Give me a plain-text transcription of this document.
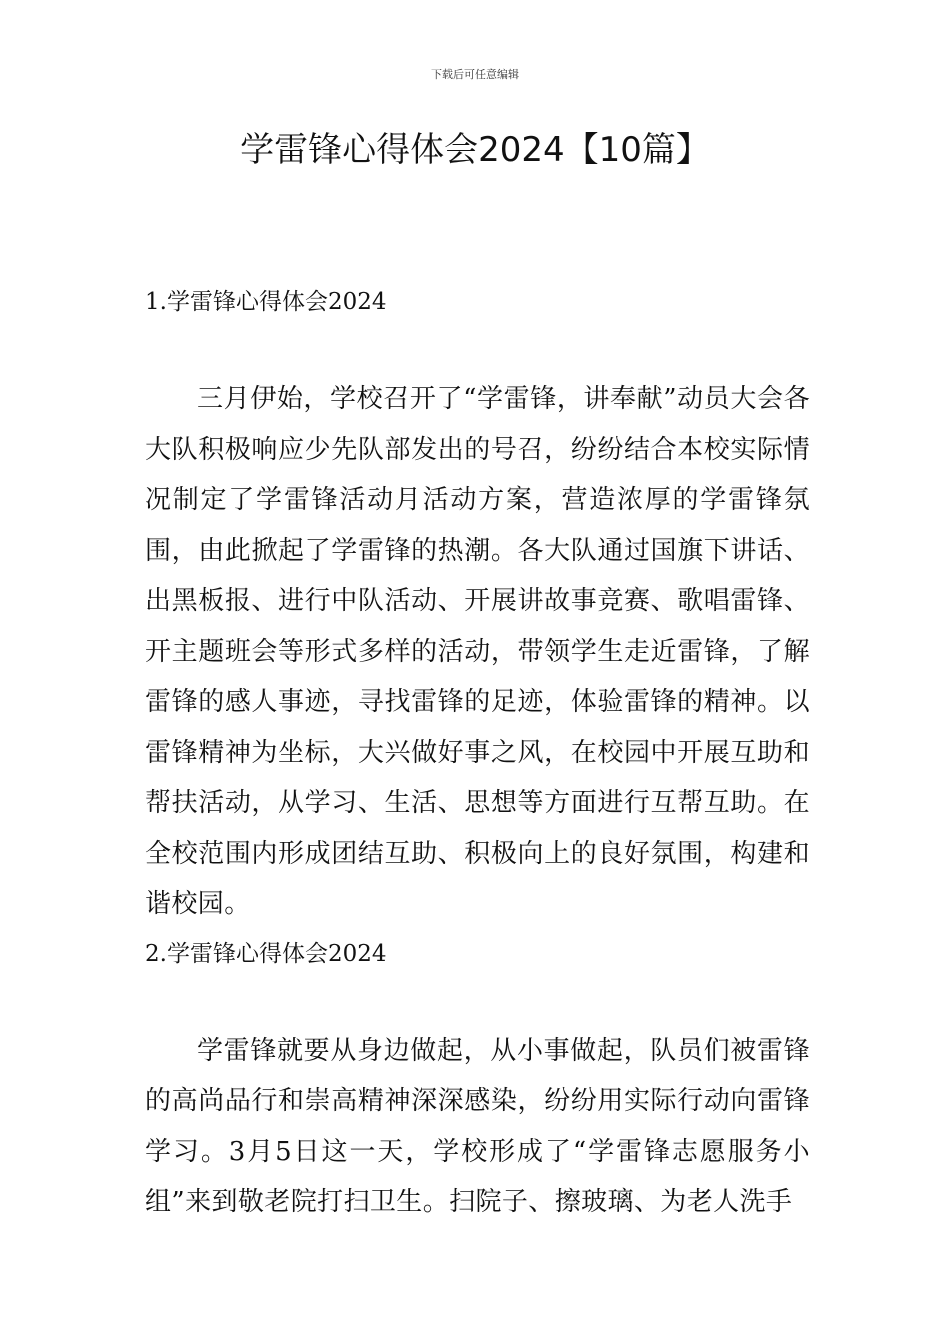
下载后可任意编辑
学雷锋心得体会2024【10篇】
1.学雷锋心得体会2024

三月伊始，学校召开了“学雷锋，讲奉献”动员大会各大队积极响应少先队部发出的号召，纷纷结合本校实际情况制定了学雷锋活动月活动方案，营造浓厚的学雷锋氛围，由此掀起了学雷锋的热潮。各大队通过国旗下讲话、出黑板报、进行中队活动、开展讲故事竞赛、歌唱雷锋、开主题班会等形式多样的活动，带领学生走近雷锋，了解雷锋的感人事迹，寻找雷锋的足迹，体验雷锋的精神。以雷锋精神为坐标，大兴做好事之风，在校园中开展互助和帮扶活动，从学习、生活、思想等方面进行互帮互助。在全校范围内形成团结互助、积极向上的良好氛围，构建和谐校园。

2.学雷锋心得体会2024

学雷锋就要从身边做起，从小事做起，队员们被雷锋的高尚品行和崇高精神深深感染，纷纷用实际行动向雷锋学习。3月5日这一天，学校形成了“学雷锋志愿服务小组”来到敬老院打扫卫生。扫院子、擦玻璃、为老人洗手
